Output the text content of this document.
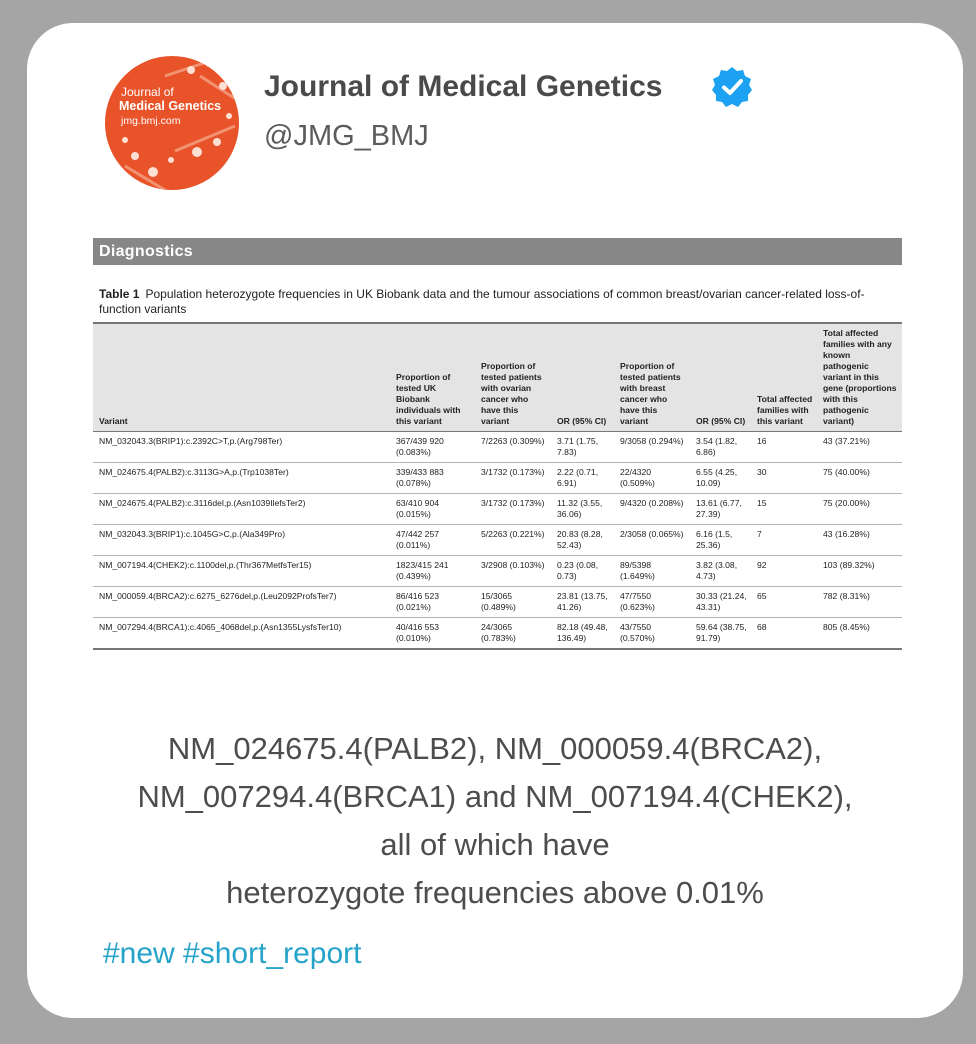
Journal of
Medical Genetics
jmg.bmj.com
Journal of Medical Genetics
@JMG_BMJ
Diagnostics
Table 1 Population heterozygote frequencies in UK Biobank data and the tumour associations of common breast/ovarian cancer-related loss-of-function variants
Variant	Proportion of tested UK Biobank individuals with this variant	Proportion of tested patients with ovarian cancer who have this variant	OR (95% CI)	Proportion of tested patients with breast cancer who have this variant	OR (95% CI)	Total affected families with this variant	Total affected families with any known pathogenic variant in this gene (proportions with this pathogenic variant)
NM_032043.3(BRIP1):c.2392C>T,p.(Arg798Ter)	367/439 920 (0.083%)	7/2263 (0.309%)	3.71 (1.75, 7.83)	9/3058 (0.294%)	3.54 (1.82, 6.86)	16	43 (37.21%)
NM_024675.4(PALB2):c.3113G>A,p.(Trp1038Ter)	339/433 883 (0.078%)	3/1732 (0.173%)	2.22 (0.71, 6.91)	22/4320 (0.509%)	6.55 (4.25, 10.09)	30	75 (40.00%)
NM_024675.4(PALB2):c.3116del,p.(Asn1039IlefsTer2)	63/410 904 (0.015%)	3/1732 (0.173%)	11.32 (3.55, 36.06)	9/4320 (0.208%)	13.61 (6.77, 27.39)	15	75 (20.00%)
NM_032043.3(BRIP1):c.1045G>C,p.(Ala349Pro)	47/442 257 (0.011%)	5/2263 (0.221%)	20.83 (8.28, 52.43)	2/3058 (0.065%)	6.16 (1.5, 25.36)	7	43 (16.28%)
NM_007194.4(CHEK2):c.1100del,p.(Thr367MetfsTer15)	1823/415 241 (0.439%)	3/2908 (0.103%)	0.23 (0.08, 0.73)	89/5398 (1.649%)	3.82 (3.08, 4.73)	92	103 (89.32%)
NM_000059.4(BRCA2):c.6275_6276del,p.(Leu2092ProfsTer7)	86/416 523 (0.021%)	15/3065 (0.489%)	23.81 (13.75, 41.26)	47/7550 (0.623%)	30.33 (21.24, 43.31)	65	782 (8.31%)
NM_007294.4(BRCA1):c.4065_4068del,p.(Asn1355LysfsTer10)	40/416 553 (0.010%)	24/3065 (0.783%)	82.18 (49.48, 136.49)	43/7550 (0.570%)	59.64 (38.75, 91.79)	68	805 (8.45%)
NM_024675.4(PALB2), NM_000059.4(BRCA2),
NM_007294.4(BRCA1) and NM_007194.4(CHEK2),
all of which have
heterozygote frequencies above 0.01%
#new #short_report
